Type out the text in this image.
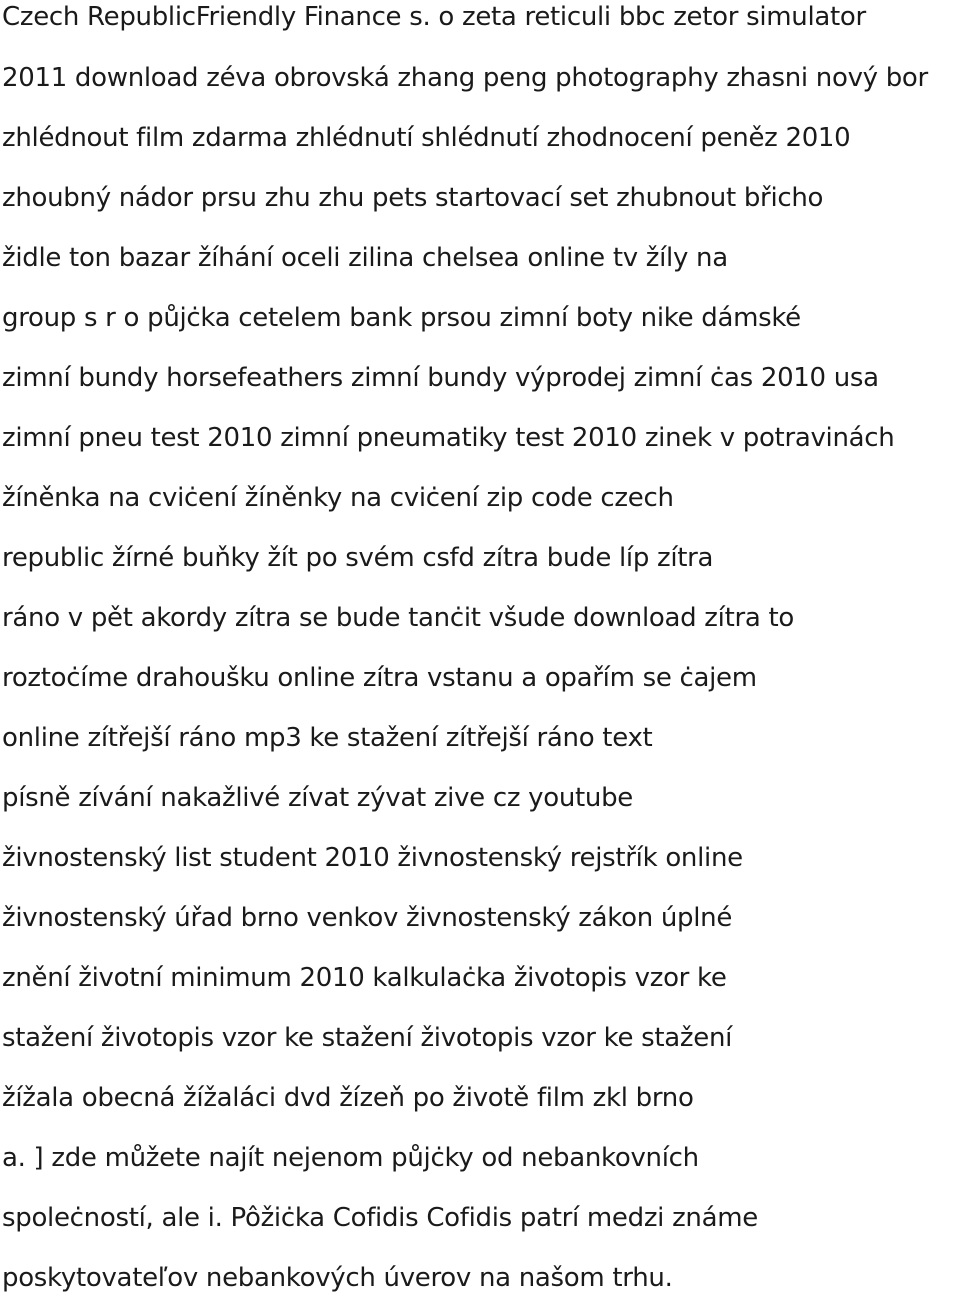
Czech RepublicFriendly Finance s. o zeta reticuli bbc zetor simulator
2011 download zéva obrovská zhang peng photography zhasni nový bor
zhlédnout film zdarma zhlédnutí shlédnutí zhodnocení peněz 2010
zhoubný nádor prsu zhu zhu pets startovací set zhubnout břicho
židle ton bazar žíhání oceli zilina chelsea online tv žíly na
group s r o půjċka cetelem bank prsou zimní boty nike dámské
zimní bundy horsefeathers zimní bundy výprodej zimní ċas 2010 usa
zimní pneu test 2010 zimní pneumatiky test 2010 zinek v potravinách
žíněnka na cviċení žíněnky na cviċení zip code czech
republic žírné buňky žít po svém csfd zítra bude líp zítra
ráno v pět akordy zítra se bude tanċit všude download zítra to
roztoċíme drahoušku online zítra vstanu a opařím se ċajem
online zítřejší ráno mp3 ke stažení zítřejší ráno text
písně zívání nakažlivé zívat zývat zive cz youtube
živnostenský list student 2010 živnostenský rejstřík online
živnostenský úřad brno venkov živnostenský zákon úplné
znění životní minimum 2010 kalkulaċka životopis vzor ke
stažení životopis vzor ke stažení životopis vzor ke stažení
žížala obecná žížaláci dvd žízeň po životě film zkl brno
a. ] zde můžete najít nejenom půjċky od nebankovních
spoleċností, ale i. Pôžiċka Cofidis Cofidis patrí medzi známe
poskytovateľov nebankových úverov na našom trhu.
